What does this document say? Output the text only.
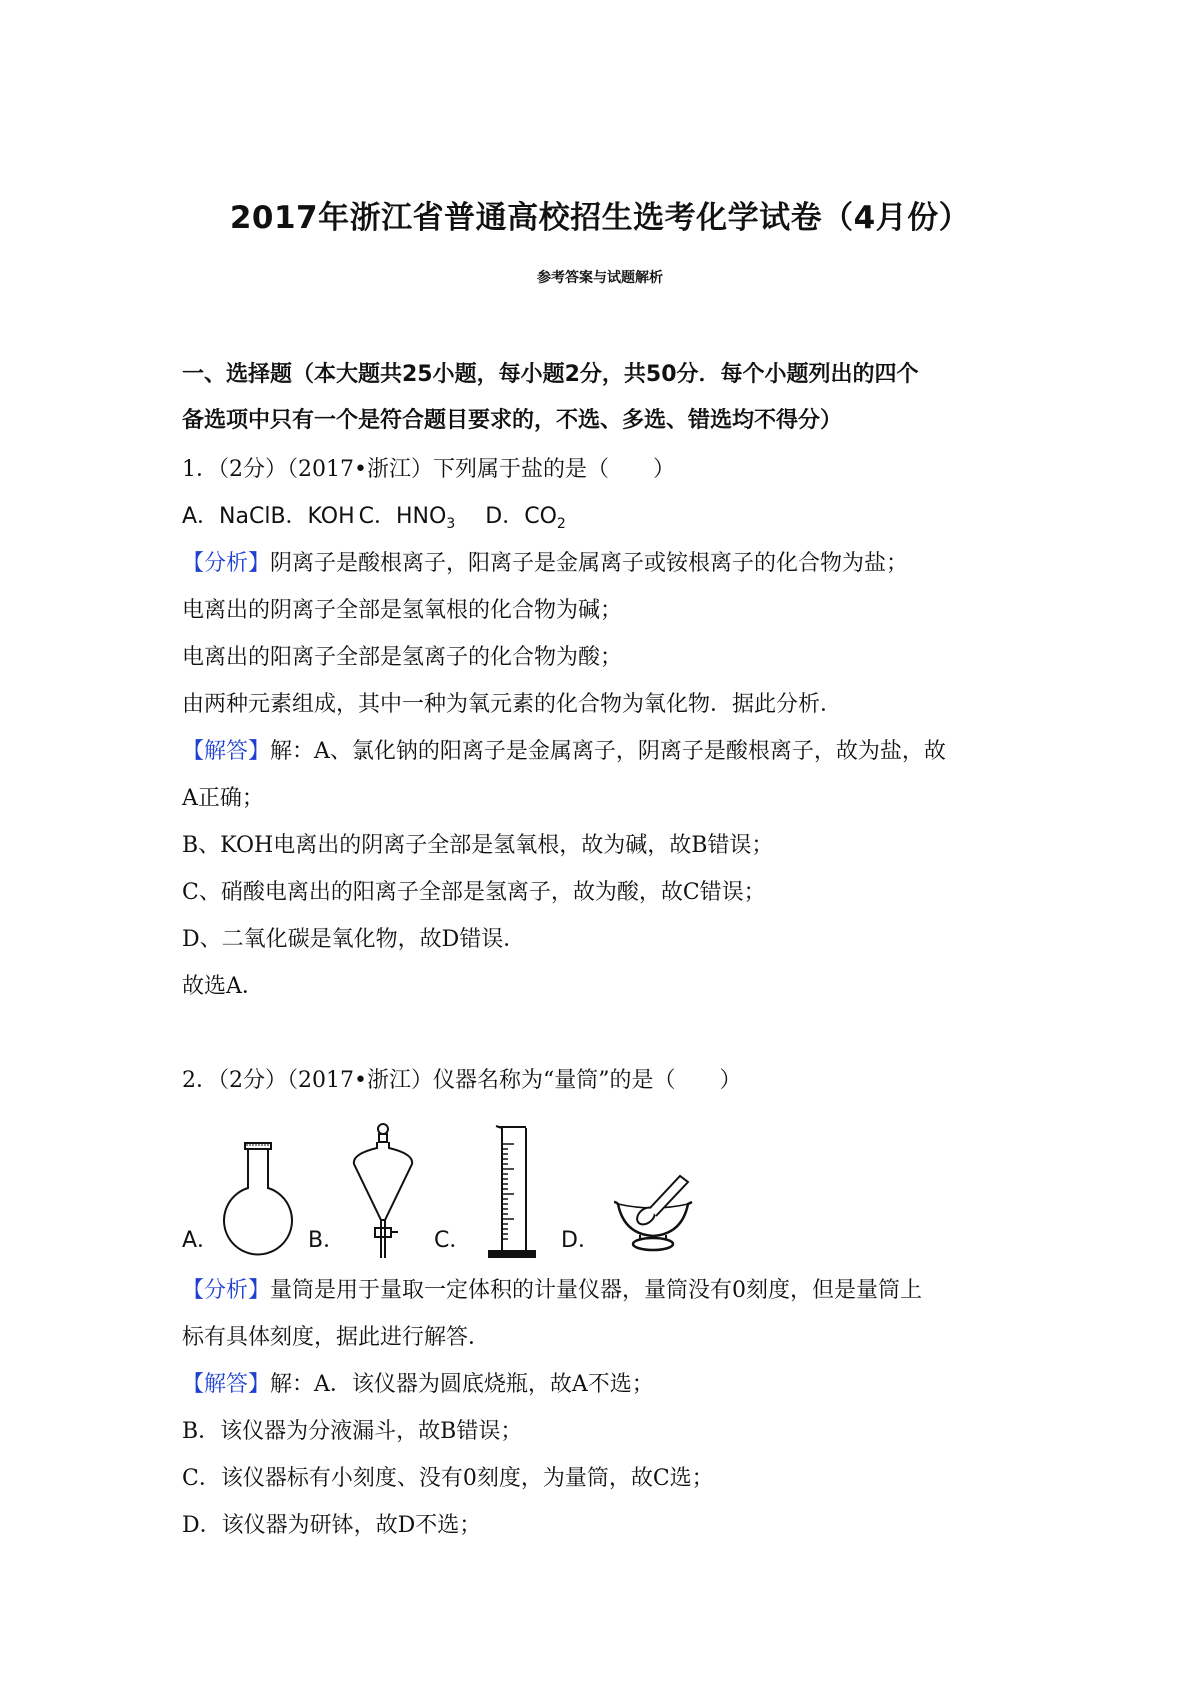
2017年浙江省普通高校招生选考化学试卷（4月份）
参考答案与试题解析
一、选择题（本大题共25小题，每小题2分，共50分．每个小题列出的四个
备选项中只有一个是符合题目要求的，不选、多选、错选均不得分）
1．（2分）（2017•浙江）下列属于盐的是（　　）
A．NaClB．KOH C．$HNO_3$ D．$CO_2$
【分析】阴离子是酸根离子，阳离子是金属离子或铵根离子的化合物为盐；
电离出的阴离子全部是氢氧根的化合物为碱；
电离出的阳离子全部是氢离子的化合物为酸；
由两种元素组成，其中一种为氧元素的化合物为氧化物．据此分析．
【解答】解：A、氯化钠的阳离子是金属离子，阴离子是酸根离子，故为盐，故
A正确；
B、KOH电离出的阴离子全部是氢氧根，故为碱，故B错误；
C、硝酸电离出的阳离子全部是氢离子，故为酸，故C错误；
D、二氧化碳是氧化物，故D错误．
故选A．
2．（2分）（2017•浙江）仪器名称为“量筒”的是（　　）
A．	B．	C．	D．
【分析】量筒是用于量取一定体积的计量仪器，量筒没有0刻度，但是量筒上
标有具体刻度，据此进行解答．
【解答】解：A．该仪器为圆底烧瓶，故A不选；
B．该仪器为分液漏斗，故B错误；
C．该仪器标有小刻度、没有0刻度，为量筒，故C选；
D．该仪器为研钵，故D不选；
